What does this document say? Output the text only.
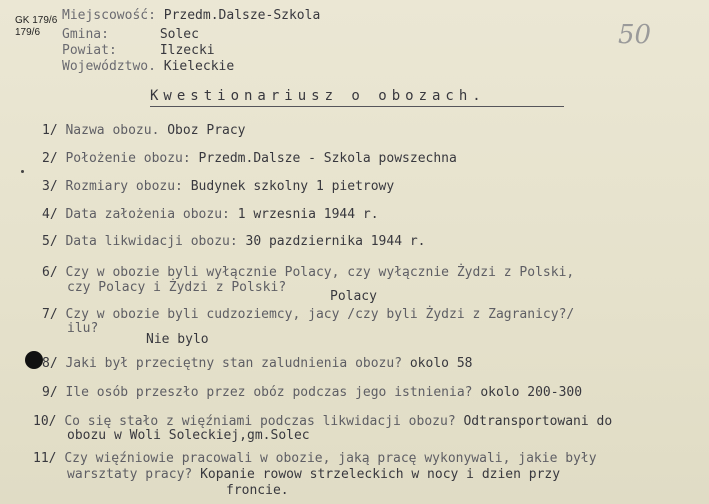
GK 179/6
179/6	50
Miejscowość: Przedm.Dalsze-Szkola
Gmina:	Solec
Powiat:	Ilzecki
Województwo. Kieleckie
Kwestionariusz o obozach.
1/ Nazwa obozu. Oboz Pracy
2/ Położenie obozu: Przedm.Dalsze - Szkola powszechna
3/ Rozmiary obozu: Budynek szkolny 1 pietrowy
4/ Data założenia obozu: 1 wrzesnia 1944 r.
5/ Data likwidacji obozu: 30 pazdziernika 1944 r.
6/ Czy w obozie byli wyłącznie Polacy, czy wyłącznie Żydzi z Polski,
czy Polacy i Żydzi z Polski?
Polacy
7/ Czy w obozie byli cudzoziemcy, jacy /czy byli Żydzi z Zagranicy?/
ilu?
Nie bylo
8/ Jaki był przeciętny stan zaludnienia obozu? okolo 58
9/ Ile osób przeszło przez obóz podczas jego istnienia? okolo 200-300
10/ Co się stało z więźniami podczas likwidacji obozu? Odtransportowani do
obozu w Woli Soleckiej,gm.Solec
11/ Czy więźniowie pracowali w obozie, jaką pracę wykonywali, jakie były
warsztaty pracy? Kopanie rowow strzeleckich w nocy i dzien przy
froncie.
